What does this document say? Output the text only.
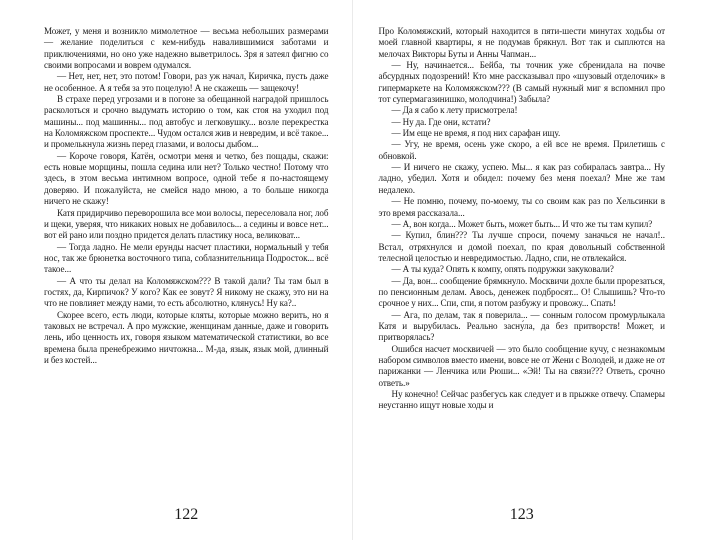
Может, у меня и возникло мимолетное — весьма небольших размерами — желание поделиться с кем-нибудь навалившимися заботами и приключениями, но оно уже надежно выветрилось. Зря я затеял фигню со своими вопросами и воврем одумался.

— Нет, нет, нет, это потом! Говори, раз уж начал, Киричка, пусть даже не особенное. А я тебя за это поцелую! А не скажешь — защекочу!

В страхе перед угрозами и в погоне за обещанной наградой пришлось расколоться и срочно выдумать историю о том, как стоя на уходил под машины... под машинны... под автобус и легковушку... возле перекрестка на Коломяжском проспекте... Чудом остался жив и невредим, и всё такое... и промелькнула жизнь перед глазами, и волосы дыбом...

— Короче говоря, Катён, осмотри меня и четко, без пощады, скажи: есть новые морщины, пошла седина или нет? Только честно! Потому что здесь, в этом весьма интимном вопросе, одной тебе я по-настоящему доверяю. И пожалуйста, не смейся надо мною, а то больше никогда ничего не скажу!

Катя придирчиво переворошила все мои волосы, переселовала ног, лоб и щеки, уверяя, что никаких новых не добавилось... а седины и вовсе нет... вот ей рано или поздно придется делать пластику носа, великоват...

— Тогда ладно. Не мели ерунды насчет пластики, нормальный у тебя нос, так же брюнетка восточного типа, соблазнительница Подросток... всё такое...

— А что ты делал на Коломяжском??? В такой дали? Ты там был в гостях, да, Кирпичок? У кого? Как ее зовут? Я никому не скажу, это ни на что не повлияет между нами, то есть абсолютно, клянусь! Ну ка?..

Скорее всего, есть люди, которые кляты, которые можно верить, но я таковых не встречал. А про мужские, женщинам данные, даже и говорить лень, ибо ценность их, говоря языком математической статистики, во все времена была пренебрежимо ничтожна... М-да, язык, язык мой, длинный и без костей...

122

Про Коломяжский, который находится в пяти-шести минутах ходьбы от моей главной квартиры, я не подумав брякнул. Вот так и сыплются на мелочах Викторы Буты и Анны Чапман...

— Ну, начинается... Бейба, ты точник уже сбренидала на почве абсурдных подозрений! Кто мне рассказывал про «шузовый отделочик» в гипермаркете на Коломяжском??? (В самый нужный миг я вспомнил про тот супермагазинишко, молодчина!) Забыла?

— Да я сабо к лету присмотрела!

— Ну да. Где они, кстати?

— Им еще не время, я под них сарафан ищу.

— Угу, не время, осень уже скоро, а ей все не время. Прилетишь с обновкой.

— И ничего не скажу, успею. Мы... я как раз собиралась завтра... Ну ладно, убедил. Хотя и обидел: почему без меня поехал? Мне же там недалеко.

— Не помню, почему, по-моему, ты со своим как раз по Хельсинки в это время рассказала...

— А, вон когда... Может быть, может быть... И что же ты там купил?

— Купил, блин??? Ты лучше спроси, почему заначься не начал!.. Встал, отряхнулся и домой поехал, по края довольный собственной телесной целостью и невредимостью. Ладно, спи, не отвлекайся.

— А ты куда? Опять к компу, опять подружки закуковали?

— Да, вон... сообщение брямкнуло. Москвичи дохле были прорезаться, по пенсионным делам. Авось, денежек подбросят... О! Слышишь? Что-то срочное у них... Спи, спи, я потом разбужу и провожу... Спать!

— Ага, по делам, так я поверила... — сонным голосом промурлыкала Катя и вырубилась. Реально засну́ла, да без притворств! Может, и притворялась?

Ошибся насчет москвичей — это было сообщение кучу, с незнакомым набором символов вместо имени, вовсе не от Жени с Володей, и даже не от парижанки — Ленчика или Рюши... «Эй! Ты на связи??? Ответь, срочно ответь.»

Ну конечно! Сейчас разбегусь как следует и в прыжке отвечу. Спамеры неустанно ищут новые ходы и

123
